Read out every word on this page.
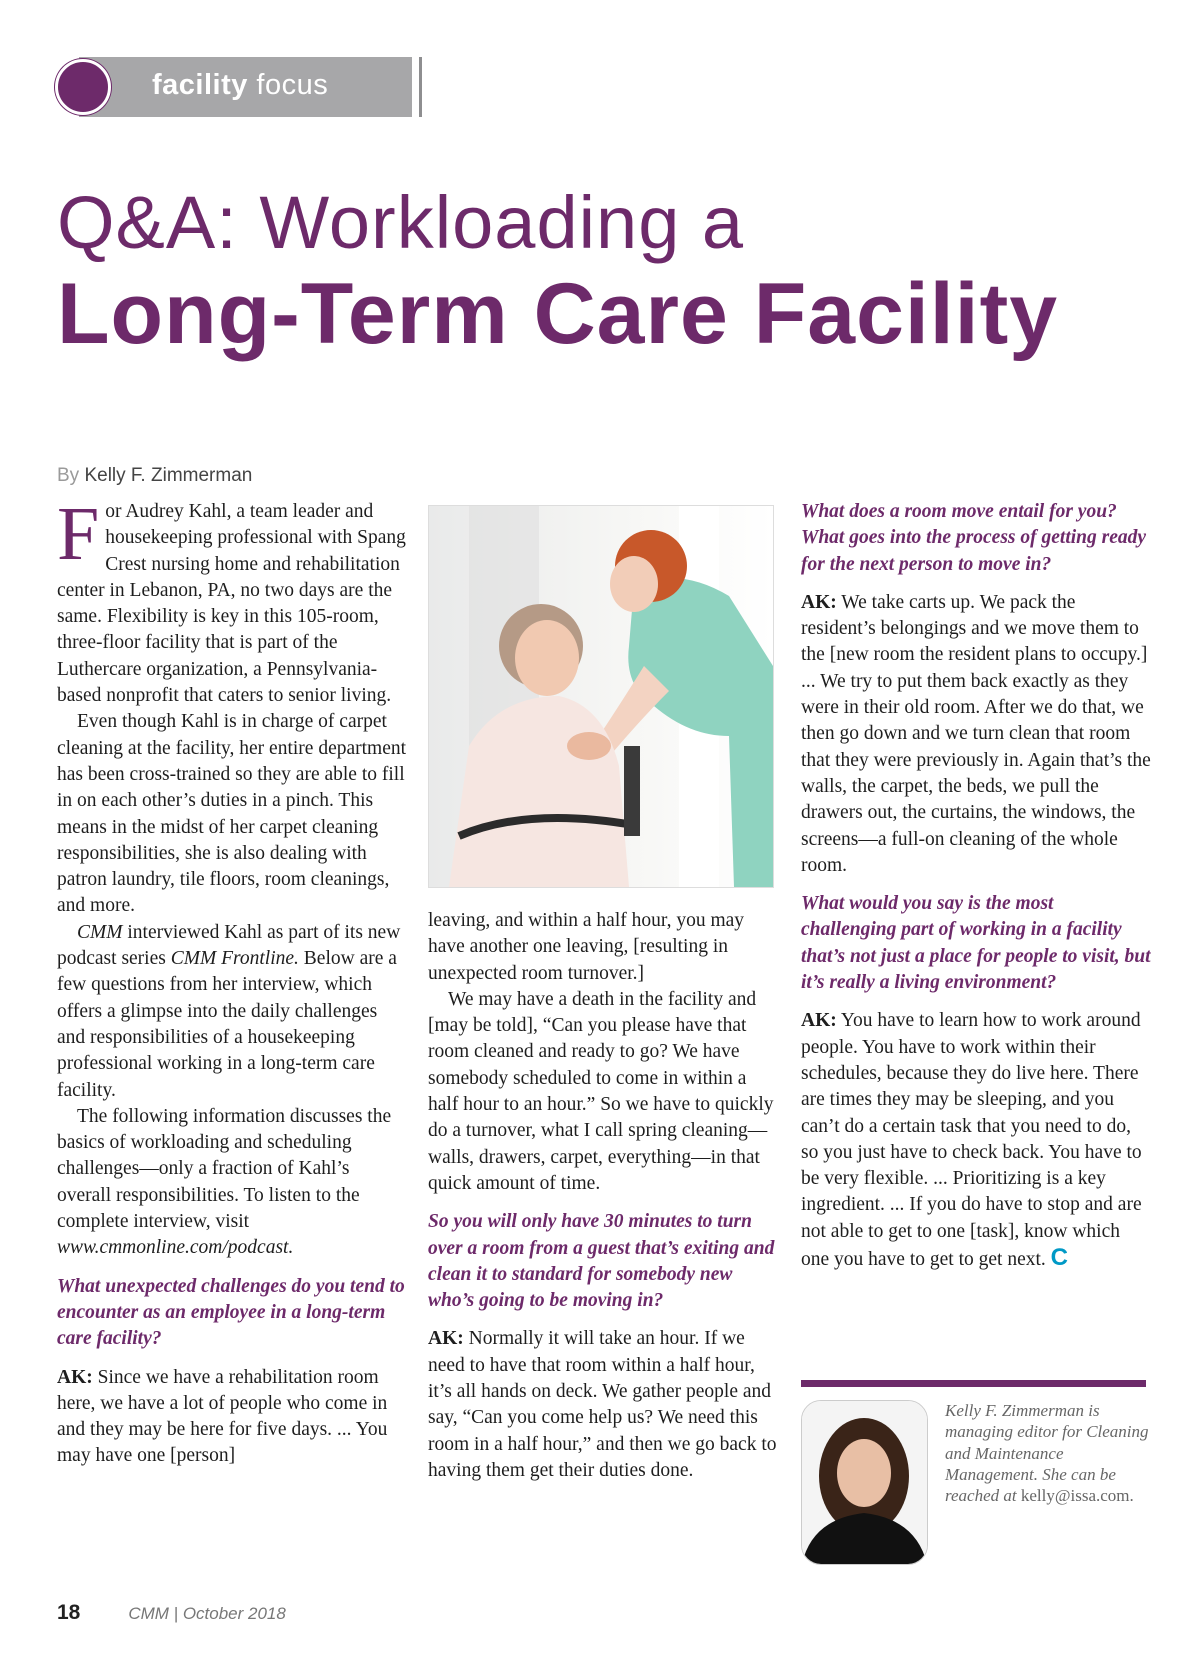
facility focus
Q&A: Workloading a
Long-Term Care Facility
By Kelly F. Zimmerman

For Audrey Kahl, a team leader and housekeeping professional with Spang Crest nursing home and rehabilitation center in Lebanon, PA, no two days are the same. Flexibility is key in this 105-room, three-floor facility that is part of the Luthercare organization, a Pennsylvania-based nonprofit that caters to senior living.

Even though Kahl is in charge of carpet cleaning at the facility, her entire department has been cross-trained so they are able to fill in on each other’s duties in a pinch. This means in the midst of her carpet cleaning responsibilities, she is also dealing with patron laundry, tile floors, room cleanings, and more.

CMM interviewed Kahl as part of its new podcast series CMM Frontline. Below are a few questions from her interview, which offers a glimpse into the daily challenges and responsibilities of a housekeeping professional working in a long-term care facility.

The following information discusses the basics of workloading and scheduling challenges—only a fraction of Kahl’s overall responsibilities. To listen to the complete interview, visit www.cmmonline.com/podcast.

What unexpected challenges do you tend to encounter as an employee in a long-term care facility?

AK: Since we have a rehabilitation room here, we have a lot of people who come in and they may be here for five days. ... You may have one [person]

leaving, and within a half hour, you may have another one leaving, [resulting in unexpected room turnover.]

We may have a death in the facility and [may be told], “Can you please have that room cleaned and ready to go? We have somebody scheduled to come in within a half hour to an hour.” So we have to quickly do a turnover, what I call spring cleaning—walls, drawers, carpet, everything—in that quick amount of time.

So you will only have 30 minutes to turn over a room from a guest that’s exiting and clean it to standard for somebody new who’s going to be moving in?

AK: Normally it will take an hour. If we need to have that room within a half hour, it’s all hands on deck. We gather people and say, “Can you come help us? We need this room in a half hour,” and then we go back to having them get their duties done.

What does a room move entail for you? What goes into the process of getting ready for the next person to move in?

AK: We take carts up. We pack the resident’s belongings and we move them to the [new room the resident plans to occupy.] ... We try to put them back exactly as they were in their old room. After we do that, we then go down and we turn clean that room that they were previously in. Again that’s the walls, the carpet, the beds, we pull the drawers out, the curtains, the windows, the screens—a full-on cleaning of the whole room.

What would you say is the most challenging part of working in a facility that’s not just a place for people to visit, but it’s really a living environment?

AK: You have to learn how to work around people. You have to work within their schedules, because they do live here. There are times they may be sleeping, and you can’t do a certain task that you need to do, so you just have to check back. You have to be very flexible. ... Prioritizing is a key ingredient. ... If you do have to stop and are not able to get to one [task], know which one you have to get to get next. C

Kelly F. Zimmerman is managing editor for Cleaning and Maintenance Management. She can be reached at kelly@issa.com.
18	CMM | October 2018
